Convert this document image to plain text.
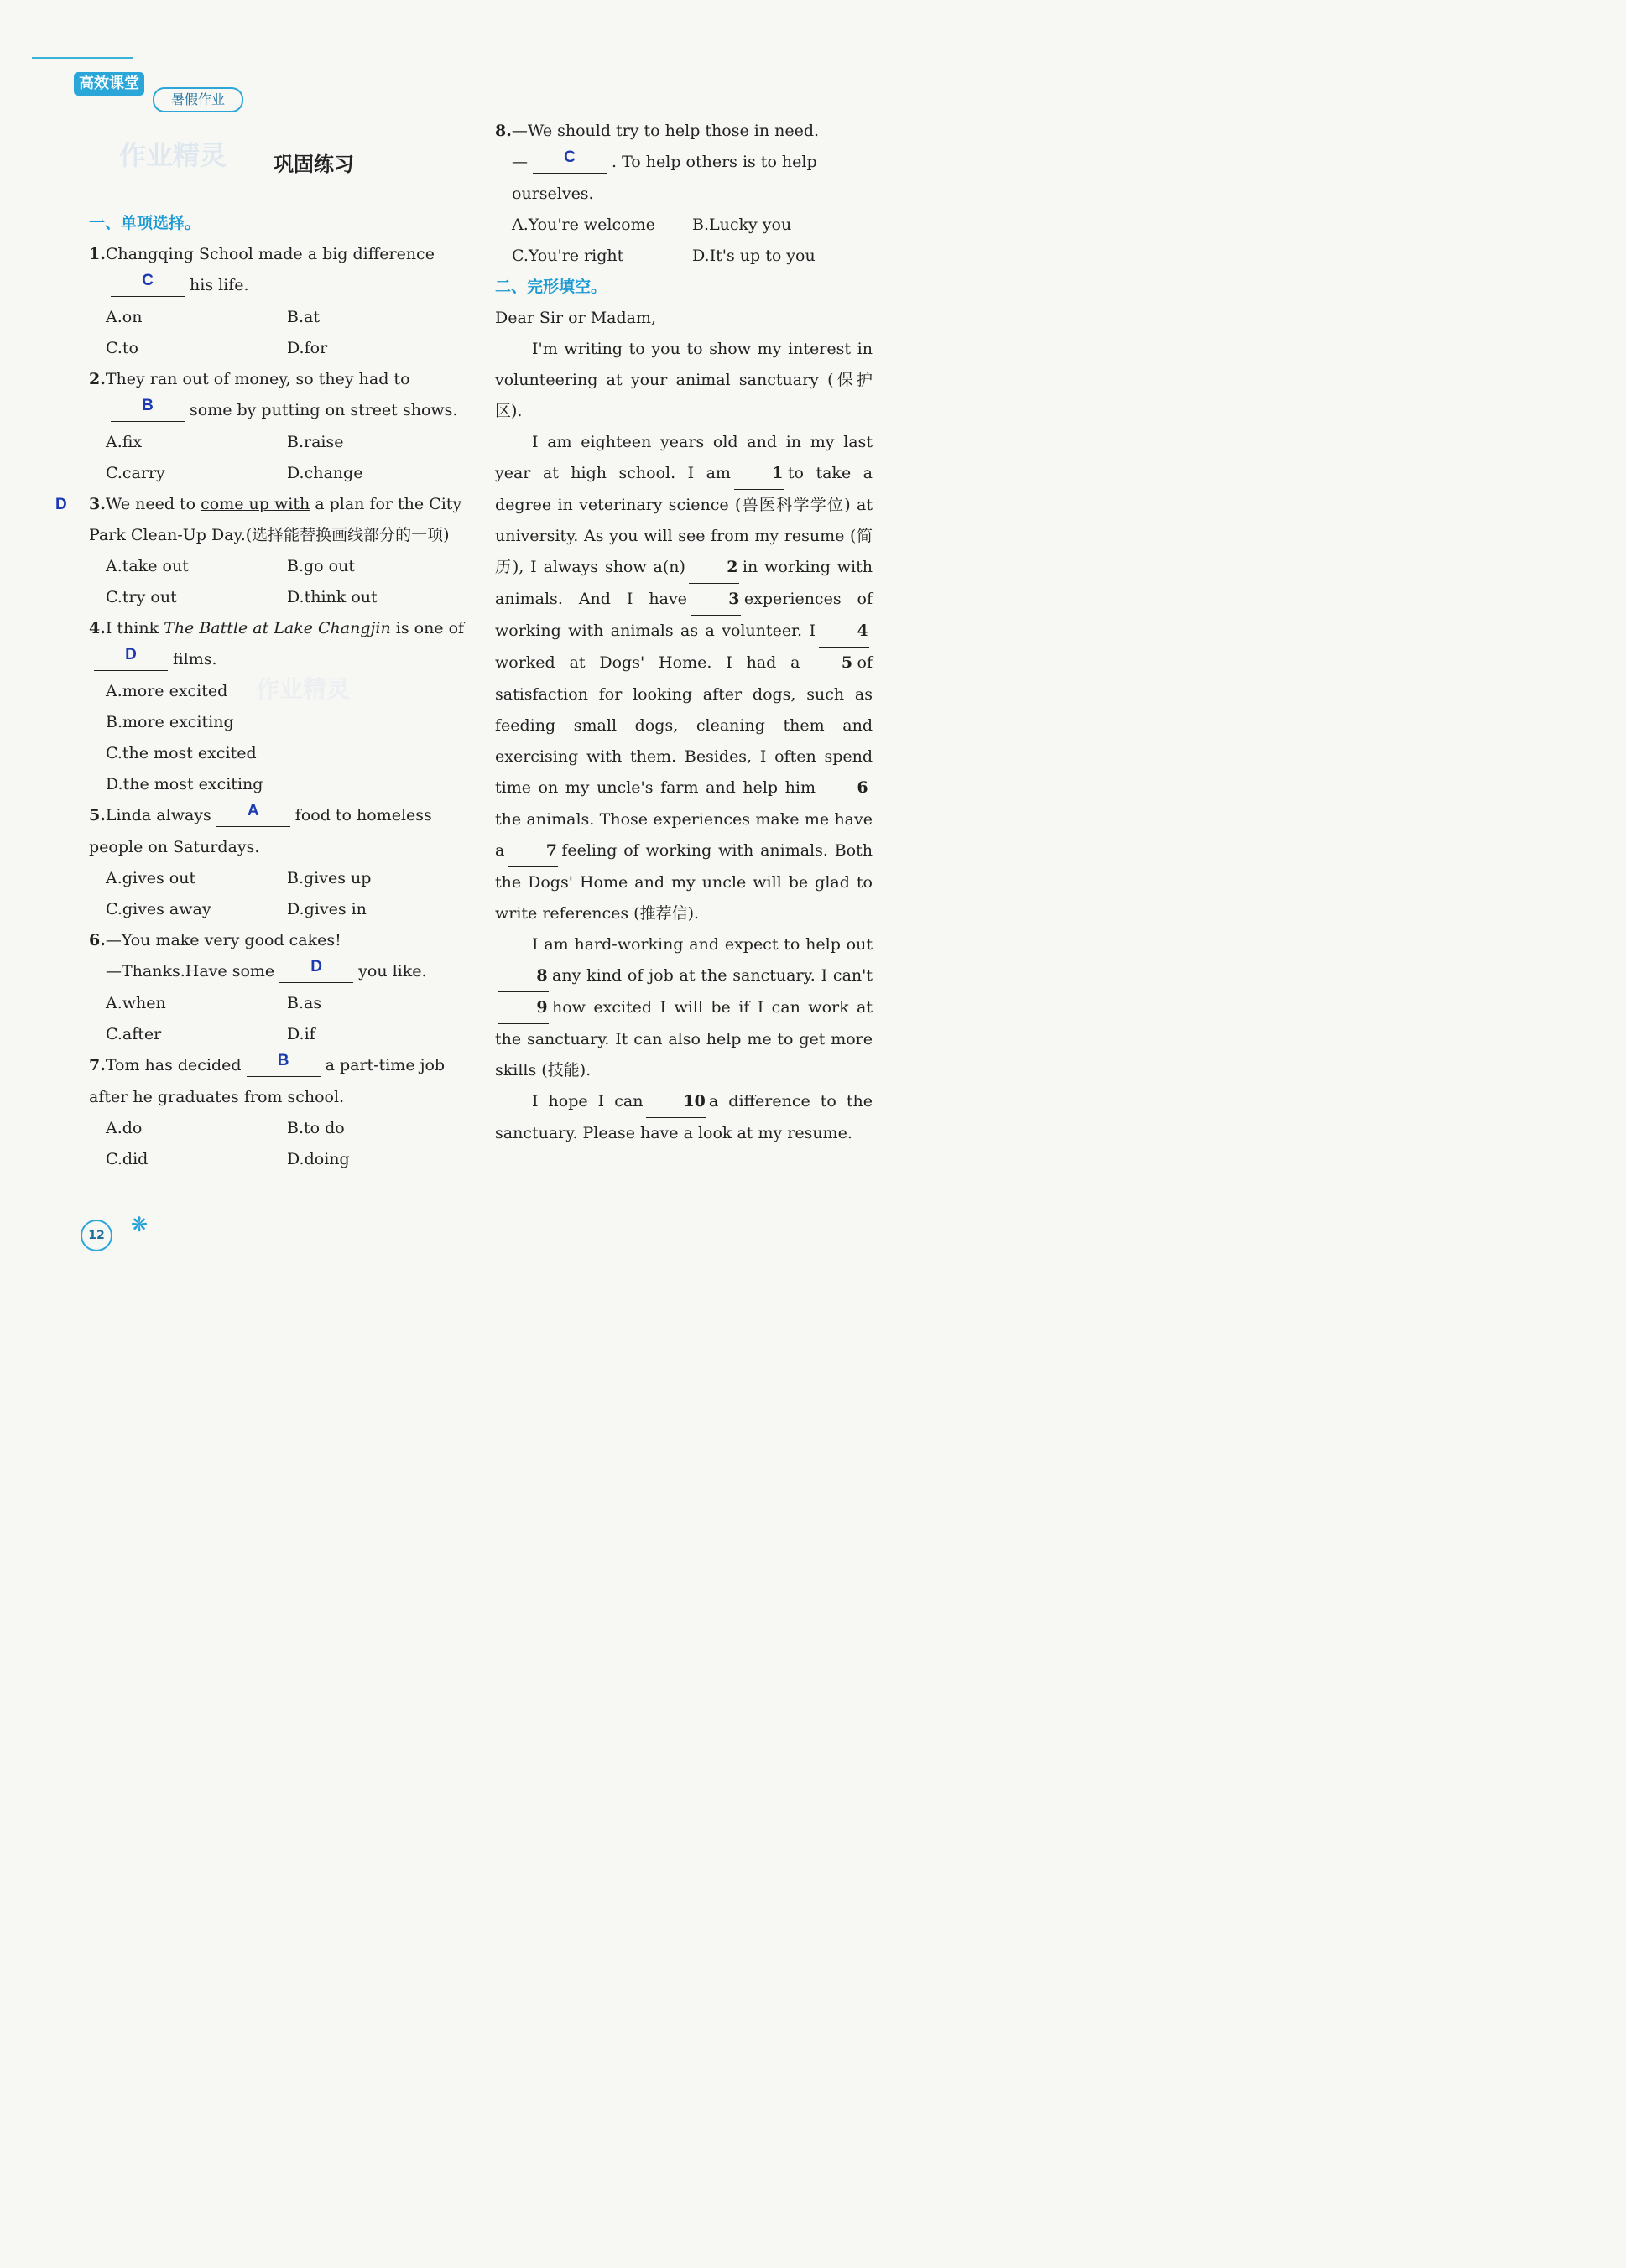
高效课堂
暑假作业
作业精灵
作业精灵
巩固练习
一、单项选择。

1.Changqing School made a big difference

C his life.

A.on	B.at
C.to	D.for

2.They ran out of money, so they had to

B some by putting on street shows.

A.fix	B.raise
C.carry	D.change
D 3.We need to come up with a plan for the City Park Clean-Up Day.(选择能替换画线部分的一项)

A.take out	B.go out
C.try out	D.think out

4.I think The Battle at Lake Changjin is one ofD films.

A.more excited
B.more exciting
C.the most excited
D.the most exciting

5.Linda always A food to homeless people on Saturdays.

A.gives out	B.gives up
C.gives away	D.gives in

6.—You make very good cakes!

—Thanks.Have some D you like.

A.when	B.as
C.after	D.if

7.Tom has decided B a part-time job after he graduates from school.

A.do	B.to do
C.did	D.doing

8.—We should try to help those in need.

— C . To help others is to help ourselves.

A.You're welcome	B.Lucky you
C.You're right	D.It's up to you
二、完形填空。

Dear Sir or Madam,

I'm writing to you to show my interest in volunteering at your animal sanctuary (保护区).

I am eighteen years old and in my last year at high school. I am	1 to take a degree in veterinary science (兽医科学学位) at university. As you will see from my resume (简历), I always show a(n)	2 in working with animals. And I have	3 experiences of working with animals as a volunteer. I	4worked at Dogs' Home. I had a	5 of satisfaction for looking after dogs, such as feeding small dogs, cleaning them and exercising with them. Besides, I often spend time on my uncle's farm and help him	6the animals. Those experiences make me have a	7 feeling of working with animals. Both the Dogs' Home and my uncle will be glad to write references (推荐信).

I am hard-working and expect to help out8 any kind of job at the sanctuary. I can't9 how excited I will be if I can work at the sanctuary. It can also help me to get more skills (技能).

I hope I can	10 a difference to the sanctuary. Please have a look at my resume.

12	❋
